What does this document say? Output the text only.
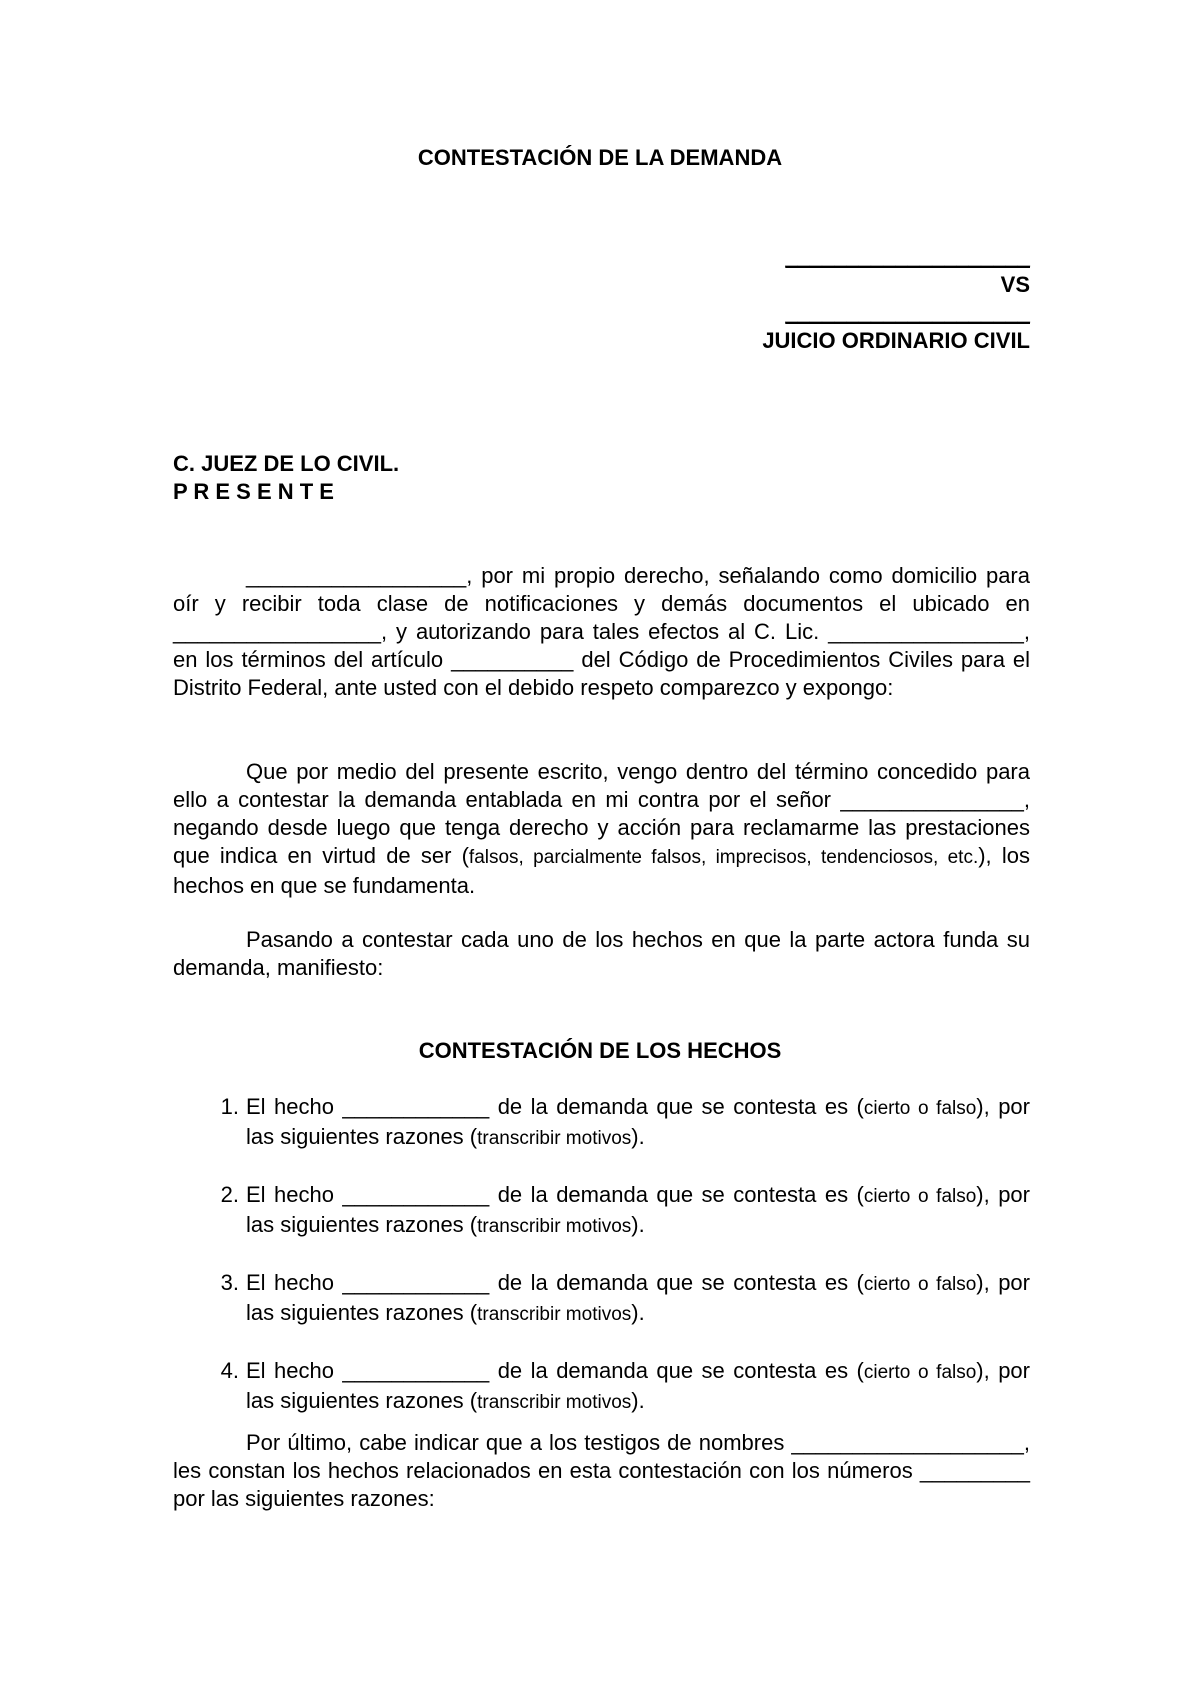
CONTESTACIÓN DE LA DEMANDA
____________________
VS
____________________
JUICIO ORDINARIO CIVIL
C. JUEZ DE LO CIVIL.
P R E S E N T E

__________________, por mi propio derecho, señalando como domicilio para oír y recibir toda clase de notificaciones y demás documentos el ubicado en _________________, y autorizando para tales efectos al C. Lic. ________________, en los términos del artículo __________ del Código de Procedimientos Civiles para el Distrito Federal, ante usted con el debido respeto comparezco y expongo:

Que por medio del presente escrito, vengo dentro del término concedido para ello a contestar la demanda entablada en mi contra por el señor _______________, negando desde luego que tenga derecho y acción para reclamarme las prestaciones que indica en virtud de ser (falsos, parcialmente falsos, imprecisos, tendenciosos, etc.), los hechos en que se fundamenta.

Pasando a contestar cada uno de los hechos en que la parte actora funda su demanda, manifiesto:

CONTESTACIÓN DE LOS HECHOS
1. El hecho ____________ de la demanda que se contesta es (cierto o falso), por las siguientes razones (transcribir motivos).
2. El hecho ____________ de la demanda que se contesta es (cierto o falso), por las siguientes razones (transcribir motivos).
3. El hecho ____________ de la demanda que se contesta es (cierto o falso), por las siguientes razones (transcribir motivos).
4. El hecho ____________ de la demanda que se contesta es (cierto o falso), por las siguientes razones (transcribir motivos).

Por último, cabe indicar que a los testigos de nombres ___________________, les constan los hechos relacionados en esta contestación con los números _________ por las siguientes razones:
